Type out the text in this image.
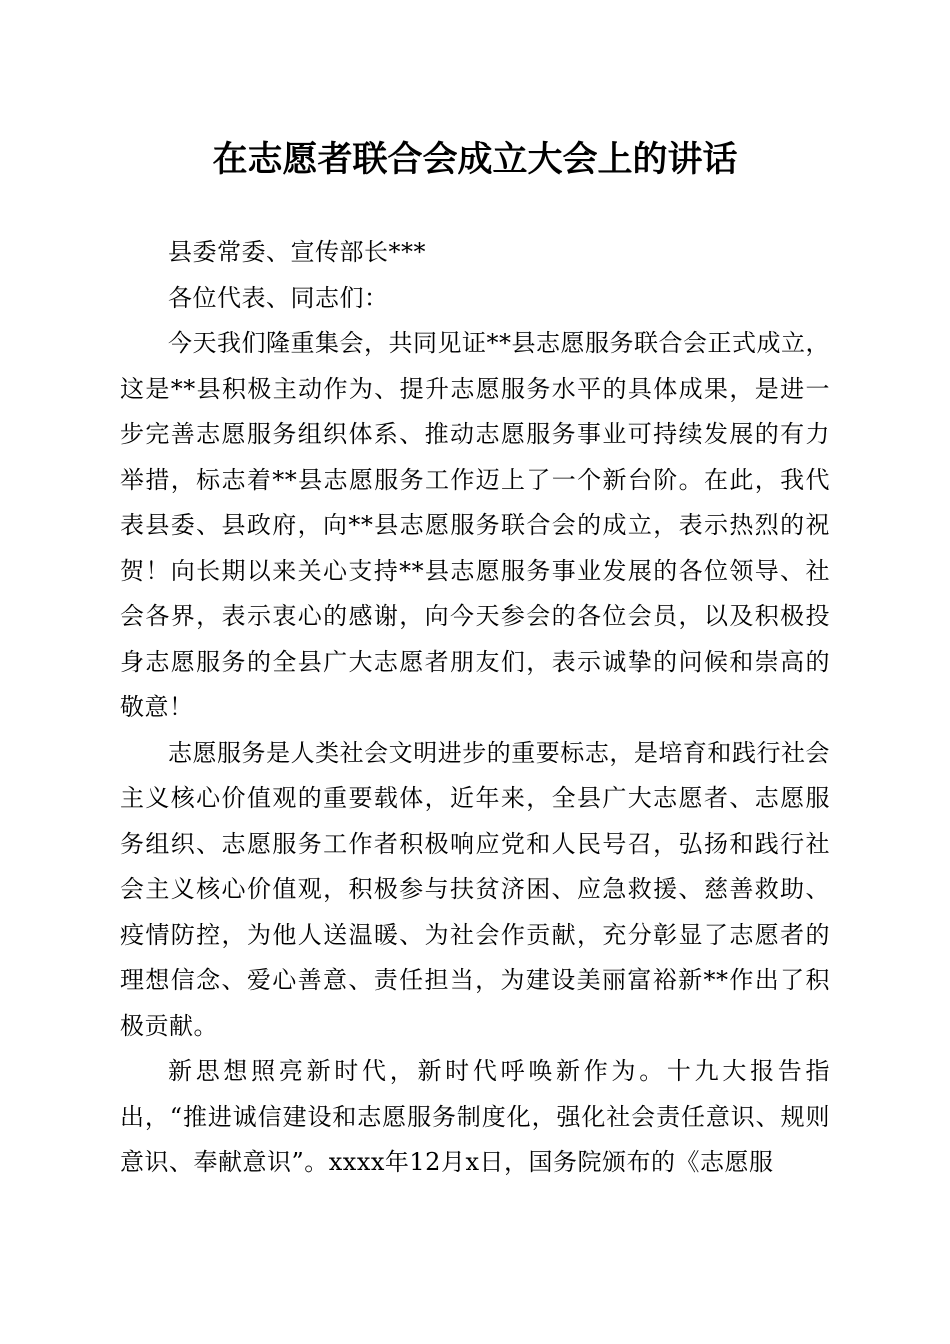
在志愿者联合会成立大会上的讲话

县委常委、宣传部长***

各位代表、同志们：

今天我们隆重集会，共同见证**县志愿服务联合会正式成立，这是**县积极主动作为、提升志愿服务水平的具体成果，是进一步完善志愿服务组织体系、推动志愿服务事业可持续发展的有力举措，标志着**县志愿服务工作迈上了一个新台阶。在此，我代表县委、县政府，向**县志愿服务联合会的成立，表示热烈的祝贺！向长期以来关心支持**县志愿服务事业发展的各位领导、社会各界，表示衷心的感谢，向今天参会的各位会员，以及积极投身志愿服务的全县广大志愿者朋友们，表示诚挚的问候和崇高的敬意！

志愿服务是人类社会文明进步的重要标志，是培育和践行社会主义核心价值观的重要载体，近年来，全县广大志愿者、志愿服务组织、志愿服务工作者积极响应党和人民号召，弘扬和践行社会主义核心价值观，积极参与扶贫济困、应急救援、慈善救助、疫情防控，为他人送温暖、为社会作贡献，充分彰显了志愿者的理想信念、爱心善意、责任担当，为建设美丽富裕新**作出了积极贡献。

新思想照亮新时代，新时代呼唤新作为。十九大报告指出，“推进诚信建设和志愿服务制度化，强化社会责任意识、规则意识、奉献意识”。xxxx年12月x日，国务院颁布的《志愿服
